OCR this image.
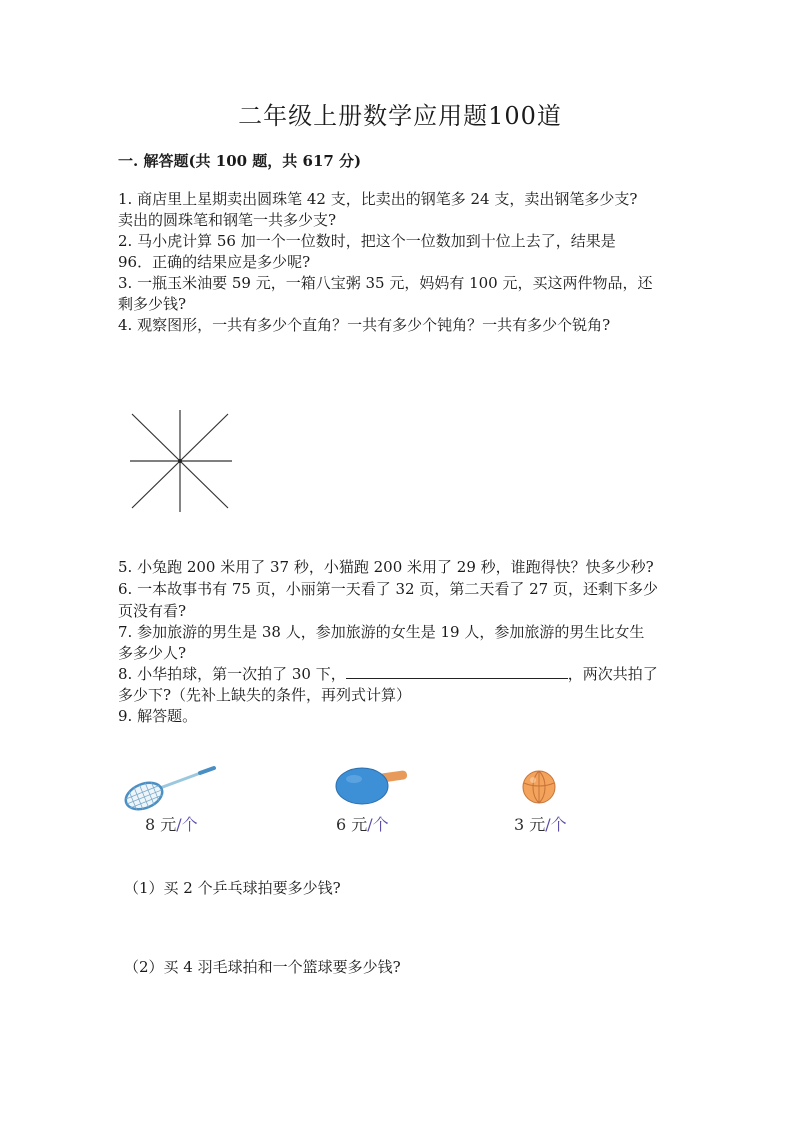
二年级上册数学应用题100道
一. 解答题(共 100 题，共 617 分)
1. 商店里上星期卖出圆珠笔 42 支，比卖出的钢笔多 24 支，卖出钢笔多少支?
卖出的圆珠笔和钢笔一共多少支?
2. 马小虎计算 56 加一个一位数时，把这个一位数加到十位上去了，结果是
96．正确的结果应是多少呢?
3. 一瓶玉米油要 59 元，一箱八宝粥 35 元，妈妈有 100 元，买这两件物品，还
剩多少钱?
4. 观察图形，一共有多少个直角？一共有多少个钝角？一共有多少个锐角?
5. 小兔跑 200 米用了 37 秒，小猫跑 200 米用了 29 秒，谁跑得快？快多少秒?
6. 一本故事书有 75 页，小丽第一天看了 32 页，第二天看了 27 页，还剩下多少
页没有看?
7. 参加旅游的男生是 38 人，参加旅游的女生是 19 人，参加旅游的男生比女生
多多少人?
8. 小华拍球，第一次拍了 30 下，	，两次共拍了
多少下?（先补上缺失的条件，再列式计算）
9. 解答题。
8 元/个	6 元/个	3 元/个
（1）买 2 个乒乓球拍要多少钱?
（2）买 4 羽毛球拍和一个篮球要多少钱?
